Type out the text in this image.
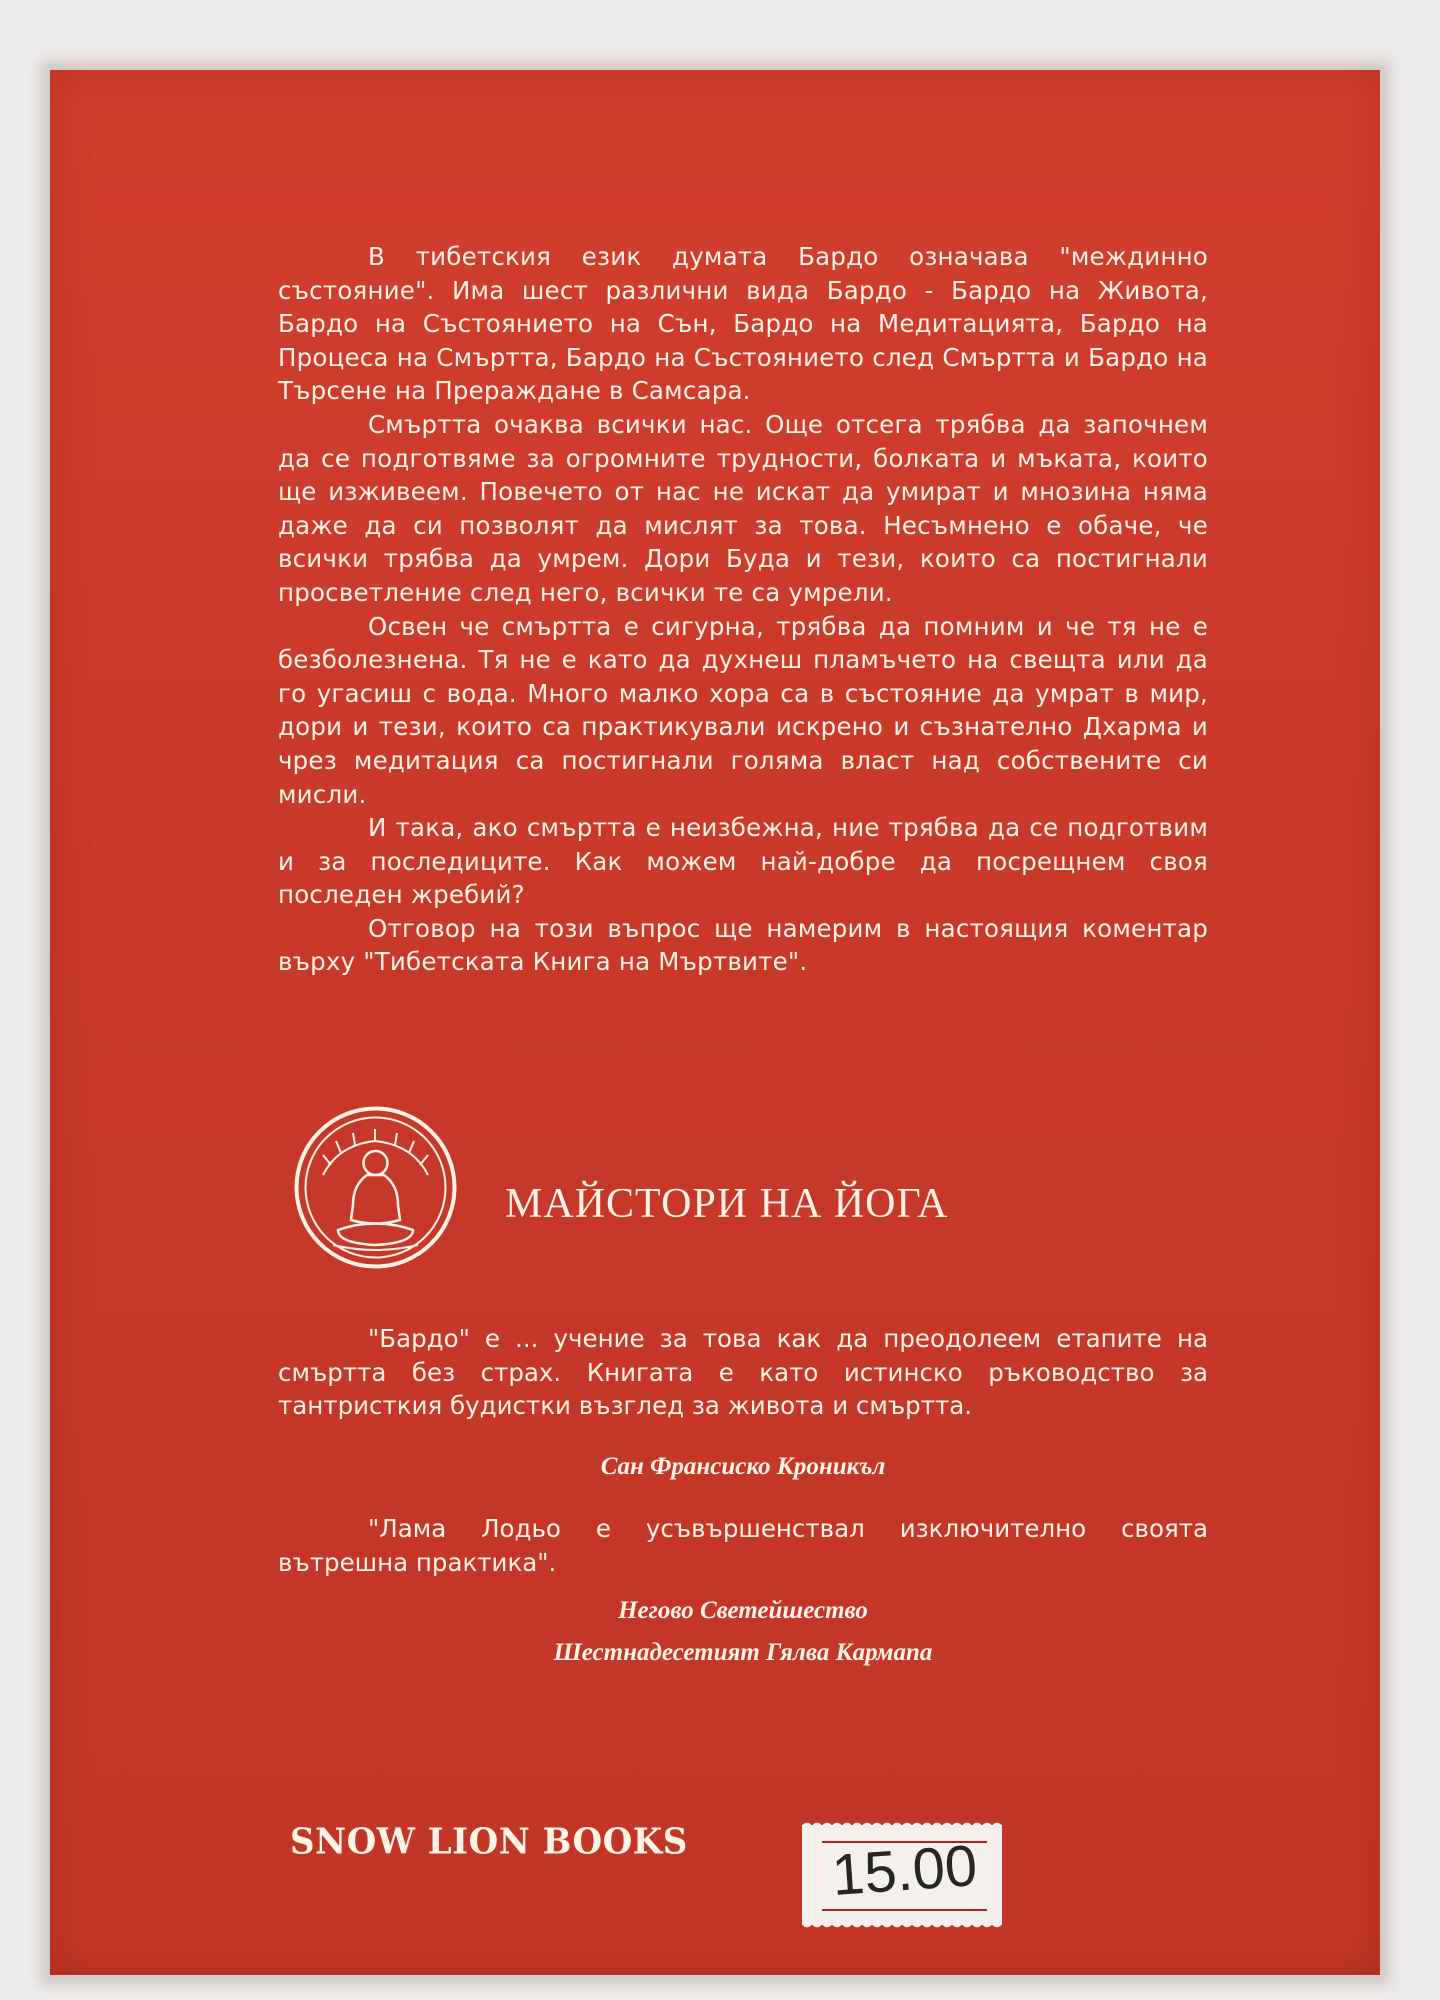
В тибетския език думата Бардо означава "междинно състояние". Има шест различни вида Бардо - Бардо на Живота, Бардо на Състоянието на Сън, Бардо на Медитацията, Бардо на Процеса на Смъртта, Бардо на Състоянието след Смъртта и Бардо на Търсене на Прераждане в Самсара.

Смъртта очаква всички нас. Още отсега трябва да започнем да се подготвяме за огромните трудности, болката и мъката, които ще изживеем. Повечето от нас не искат да умират и мнозина няма даже да си позволят да мислят за това. Несъмнено е обаче, че всички трябва да умрем. Дори Буда и тези, които са постигнали просветление след него, всички те са умрели.

Освен че смъртта е сигурна, трябва да помним и че тя не е безболезнена. Тя не е като да духнеш пламъчето на свещта или да го угасиш с вода. Много малко хора са в състояние да умрат в мир, дори и тези, които са практикували искрено и съзнателно Дхарма и чрез медитация са постигнали голяма власт над собствените си мисли.

И така, ако смъртта е неизбежна, ние трябва да се подготвим и за последиците. Как можем най-добре да посрещнем своя последен жребий?

Отговор на този въпрос ще намерим в настоящия коментар върху "Тибетската Книга на Мъртвите".

МАЙСТОРИ НА ЙОГА

"Бардо" е ... учение за това как да преодолеем етапите на смъртта без страх. Книгата е като истинско ръководство за тантристкия будистки възглед за живота и смъртта.

Сан Франсиско Кроникъл

"Лама Лодьо е усъвършенствал изключително своята вътрешна практика".

Негово Светейшество
Шестнадесетият Гялва Кармапа
SNOW LION BOOKS 15.00
